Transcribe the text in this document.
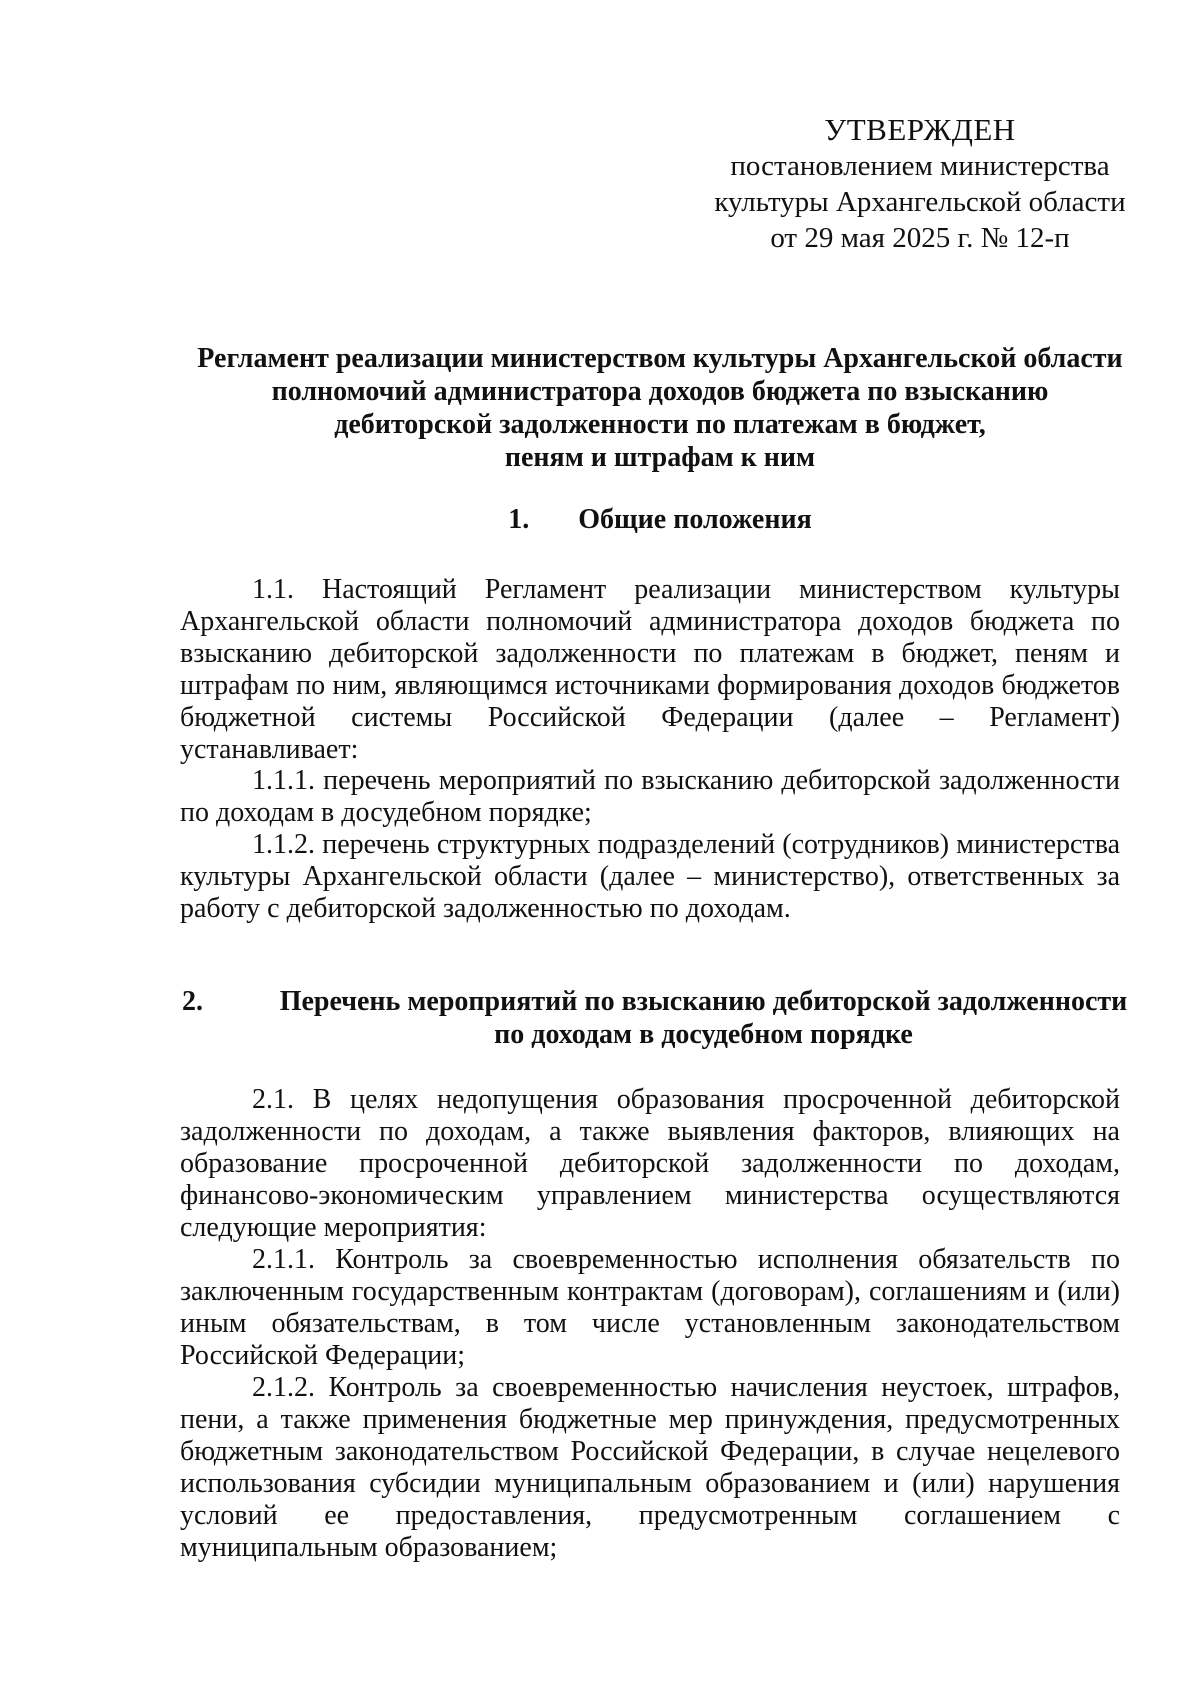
УТВЕРЖДЕН
постановлением министерства
культуры Архангельской области
от 29 мая 2025 г. № 12-п
Регламент реализации министерством культуры Архангельской области
полномочий администратора доходов бюджета по взысканию
дебиторской задолженности по платежам в бюджет,
пеням и штрафам к ним
1. Общие положения
1.1. Настоящий Регламент реализации министерством культуры Архангельской области полномочий администратора доходов бюджета по взысканию дебиторской задолженности по платежам в бюджет, пеням и штрафам по ним, являющимся источниками формирования доходов бюджетов бюджетной системы Российской Федерации (далее – Регламент) устанавливает:
1.1.1. перечень мероприятий по взысканию дебиторской задолженности по доходам в досудебном порядке;
1.1.2. перечень структурных подразделений (сотрудников) министерства культуры Архангельской области (далее – министерство), ответственных за работу с дебиторской задолженностью по доходам.
2.	Перечень мероприятий по взысканию дебиторской задолженности
по доходам в досудебном порядке
2.1. В целях недопущения образования просроченной дебиторской задолженности по доходам, а также выявления факторов, влияющих на образование просроченной дебиторской задолженности по доходам, финансово-экономическим управлением министерства осуществляются следующие мероприятия:
2.1.1. Контроль за своевременностью исполнения обязательств по заключенным государственным контрактам (договорам), соглашениям и (или) иным обязательствам, в том числе установленным законодательством Российской Федерации;
2.1.2. Контроль за своевременностью начисления неустоек, штрафов, пени, а также применения бюджетные мер принуждения, предусмотренных бюджетным законодательством Российской Федерации, в случае нецелевого использования субсидии муниципальным образованием и (или) нарушения условий ее предоставления, предусмотренным соглашением с муниципальным образованием;
